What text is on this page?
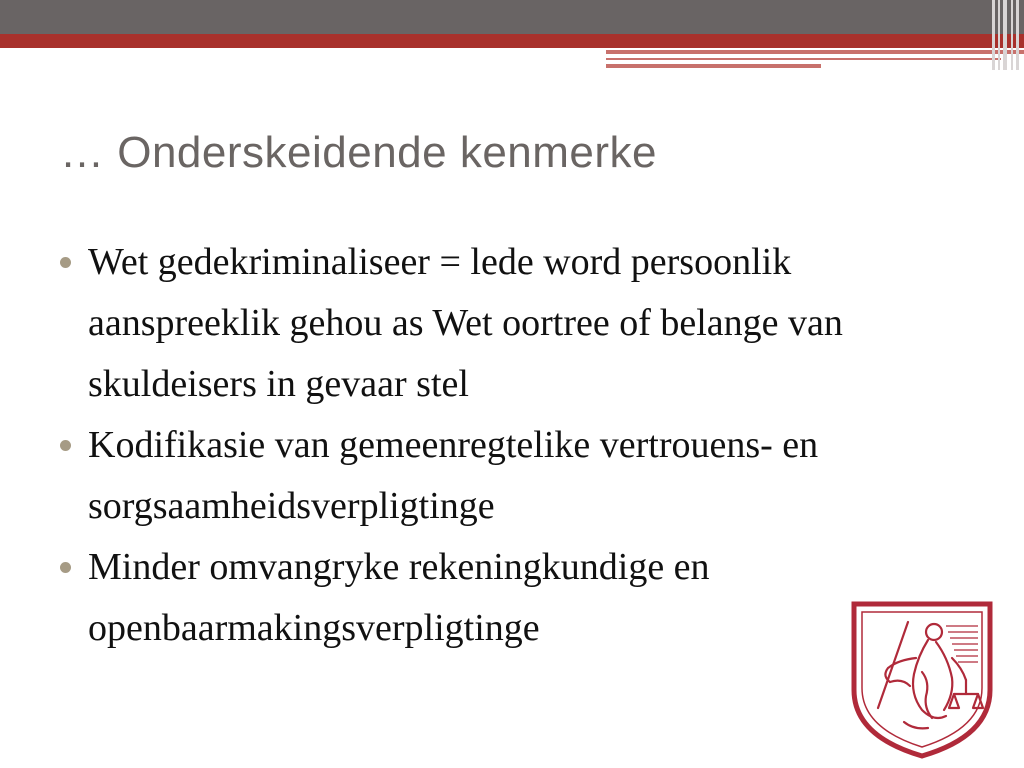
… Onderskeidende kenmerke
Wet gedekriminaliseer = lede word persoonlik aanspreeklik gehou as Wet oortree of belange van skuldeisers in gevaar stel
Kodifikasie van gemeenregtelike vertrouens- en sorgsaamheidsverpligtinge
Minder omvangryke rekeningkundige en openbaarmakingsverpligtinge
